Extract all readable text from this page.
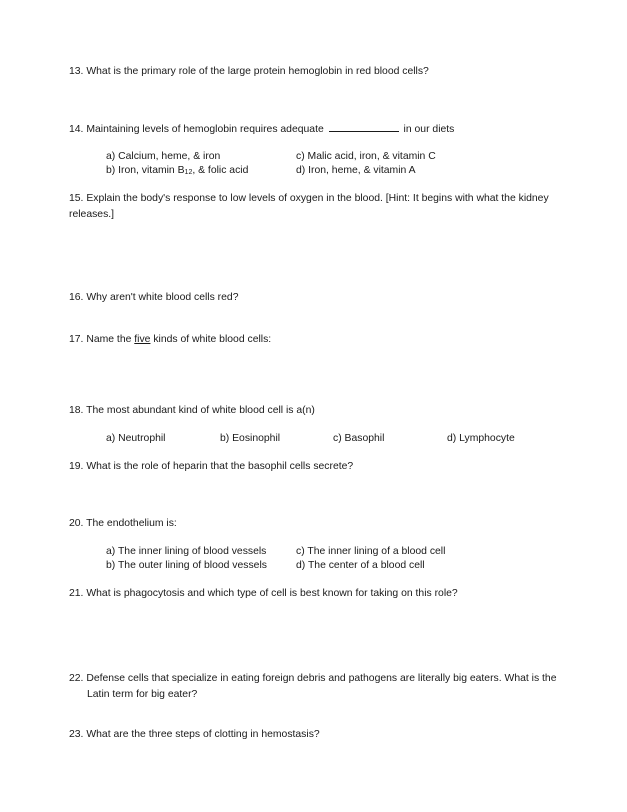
13. What is the primary role of the large protein hemoglobin in red blood cells?
14. Maintaining levels of hemoglobin requires adequate	in our diets
a) Calcium, heme, & iron
b) Iron, vitamin $B_{12}$, & folic acid
c) Malic acid, iron, & vitamin C
d) Iron, heme, & vitamin A
15. Explain the body's response to low levels of oxygen in the blood. [Hint: It begins with what the kidney releases.]
16. Why aren't white blood cells red?
17. Name the five kinds of white blood cells:
18. The most abundant kind of white blood cell is a(n)
a) Neutrophil	b) Eosinophil	c) Basophil	d) Lymphocyte
19. What is the role of heparin that the basophil cells secrete?
20. The endothelium is:
a) The inner lining of blood vessels
b) The outer lining of blood vessels
c) The inner lining of a blood cell
d) The center of a blood cell
21. What is phagocytosis and which type of cell is best known for taking on this role?
22. Defense cells that specialize in eating foreign debris and pathogens are literally big eaters. What is the Latin term for big eater?
23. What are the three steps of clotting in hemostasis?
